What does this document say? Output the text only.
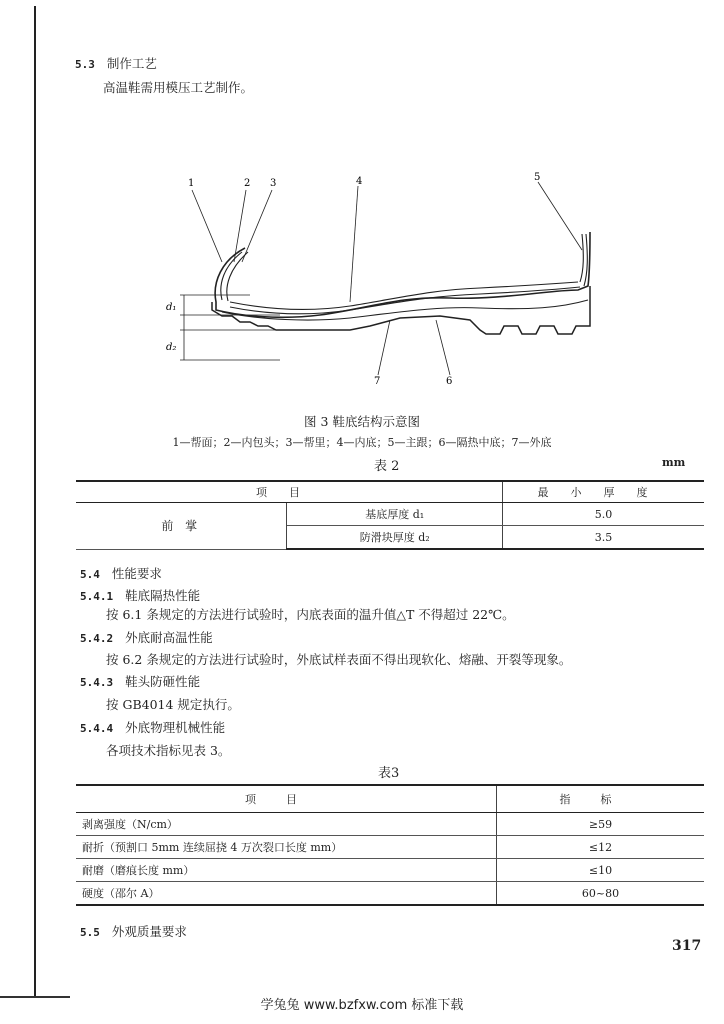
5.3 制作工艺
高温鞋需用模压工艺制作。
1	2 3	4	5
6
7
d₁
d₂
图 3 鞋底结构示意图
1—帮面；2—内包头；3—帮里；4—内底；5—主跟；6—隔热中底；7—外底
表 2	mm
项目		最小厚度
前 掌	基底厚度 d₁	5.0
	防滑块厚度 d₂	3.5
5.4 性能要求
5.4.1 鞋底隔热性能
按 6.1 条规定的方法进行试验时，内底表面的温升值△T 不得超过 22℃。
5.4.2 外底耐高温性能
按 6.2 条规定的方法进行试验时，外底试样表面不得出现软化、熔融、开裂等现象。
5.4.3 鞋头防砸性能
按 GB4014 规定执行。
5.4.4 外底物理机械性能
各项技术指标见表 3。
表3
项目	指标
剥离强度（N/cm）	≥59
耐折（预割口 5mm 连续屈挠 4 万次裂口长度 mm）	≤12
耐磨（磨痕长度 mm）	≤10
硬度（邵尔 A）	60~80
5.5 外观质量要求
317
学兔兔 www.bzfxw.com 标准下载
